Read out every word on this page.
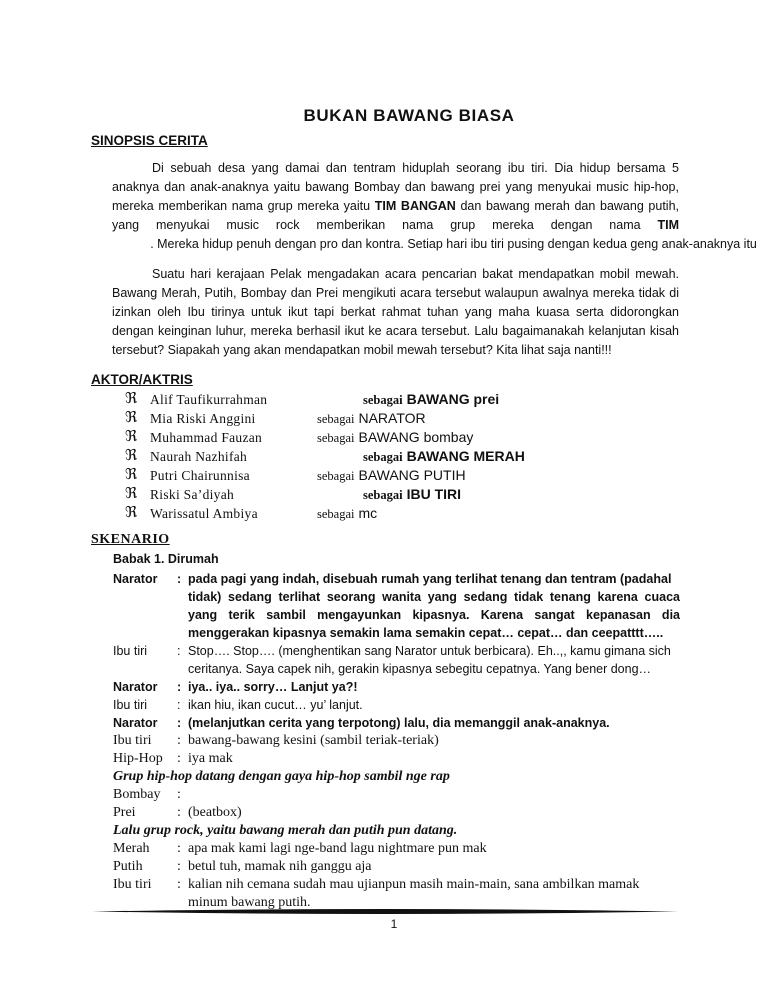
BUKAN BAWANG BIASA
SINOPSIS CERITA
Di sebuah desa yang damai dan tentram hiduplah seorang ibu tiri. Dia hidup bersama 5 anaknya dan anak-anaknya yaitu bawang Bombay dan bawang prei yang menyukai music hip-hop, mereka memberikan nama grup mereka yaitu TIM BANGAN dan bawang merah dan bawang putih, yang menyukai music rock memberikan nama grup mereka dengan nama TIM           . Mereka hidup penuh dengan pro dan kontra. Setiap hari ibu tiri pusing dengan kedua geng anak-anaknya itu
Suatu hari kerajaan Pelak mengadakan acara pencarian bakat mendapatkan mobil mewah. Bawang Merah, Putih, Bombay dan Prei mengikuti acara tersebut walaupun awalnya mereka tidak di izinkan oleh Ibu tirinya untuk ikut tapi berkat rahmat tuhan yang maha kuasa serta didorongkan dengan keinginan luhur, mereka berhasil ikut ke acara tersebut. Lalu bagaimanakah kelanjutan kisah tersebut? Siapakah yang akan mendapatkan mobil mewah tersebut? Kita lihat saja nanti!!!
AKTOR/AKTRIS
ℜ Alif Taufikurrahman	sebagai BAWANG prei
ℜ Mia Riski Anggini	sebagai NARATOR
ℜ Muhammad Fauzan	sebagai BAWANG bombay
ℜ Naurah Nazhifah	sebagai BAWANG MERAH
ℜ Putri Chairunnisa	sebagai BAWANG PUTIH
ℜ Riski Sa’diyah	sebagai IBU TIRI
ℜ Warissatul Ambiya	sebagai mc
SKENARIO
Babak 1. Dirumah
Narator	: pada pagi yang indah, disebuah rumah yang terlihat tenang dan tentram (padahal
tidak) sedang terlihat seorang wanita yang sedang tidak tenang karena cuaca yang terik sambil mengayunkan kipasnya. Karena sangat kepanasan dia menggerakan kipasnya semakin lama semakin cepat… cepat… dan ceepatttt…..
Ibu tiri	: Stop…. Stop…. (menghentikan sang Narator untuk berbicara). Eh..,, kamu gimana sich
ceritanya. Saya capek nih, gerakin kipasnya sebegitu cepatnya. Yang bener dong…
Narator	: iya.. iya.. sorry… Lanjut ya?!
Ibu tiri	: ikan hiu, ikan cucut… yu’ lanjut.
Narator	: (melanjutkan cerita yang terpotong) lalu, dia memanggil anak-anaknya.
Ibu tiri	: bawang-bawang kesini (sambil teriak-teriak)
Hip-Hop	: iya mak
Grup hip-hop datang dengan gaya hip-hop sambil nge rap
Bombay	:
Prei	: (beatbox)
Lalu grup rock, yaitu bawang merah dan putih pun datang.
Merah	: apa mak kami lagi nge-band lagu nightmare pun mak
Putih	: betul tuh, mamak nih ganggu aja
Ibu tiri	: kalian nih cemana sudah mau ujianpun masih main-main, sana ambilkan mamak
minum bawang putih.
1
